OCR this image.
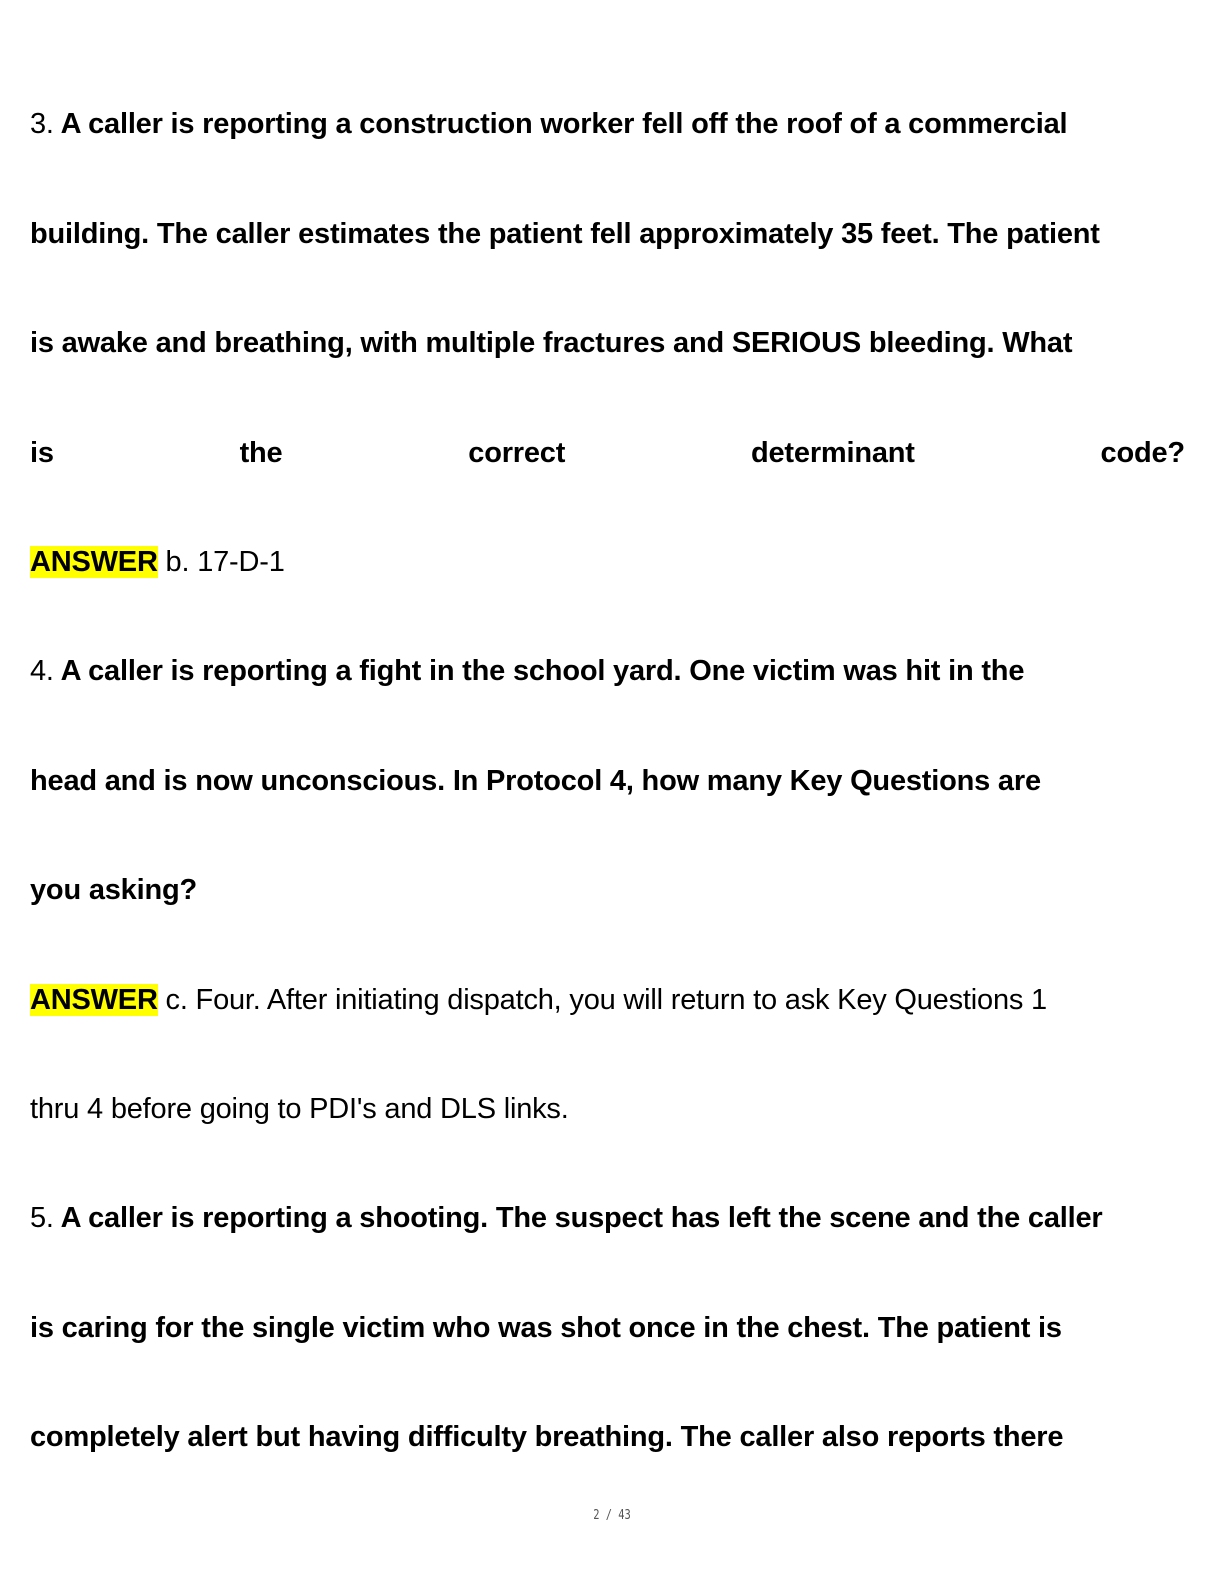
3. A caller is reporting a construction worker fell off the roof of a commercial
building. The caller estimates the patient fell approximately 35 feet. The patient
is awake and breathing, with multiple fractures and SERIOUS bleeding. What
is	the	correct	determinant	code?
ANSWER b. 17-D-1
4. A caller is reporting a fight in the school yard. One victim was hit in the
head and is now unconscious. In Protocol 4, how many Key Questions are
you asking?
ANSWER c. Four. After initiating dispatch, you will return to ask Key Questions 1
thru 4 before going to PDI's and DLS links.
5. A caller is reporting a shooting. The suspect has left the scene and the caller
is caring for the single victim who was shot once in the chest. The patient is
completely alert but having difficulty breathing. The caller also reports there
2 / 43
